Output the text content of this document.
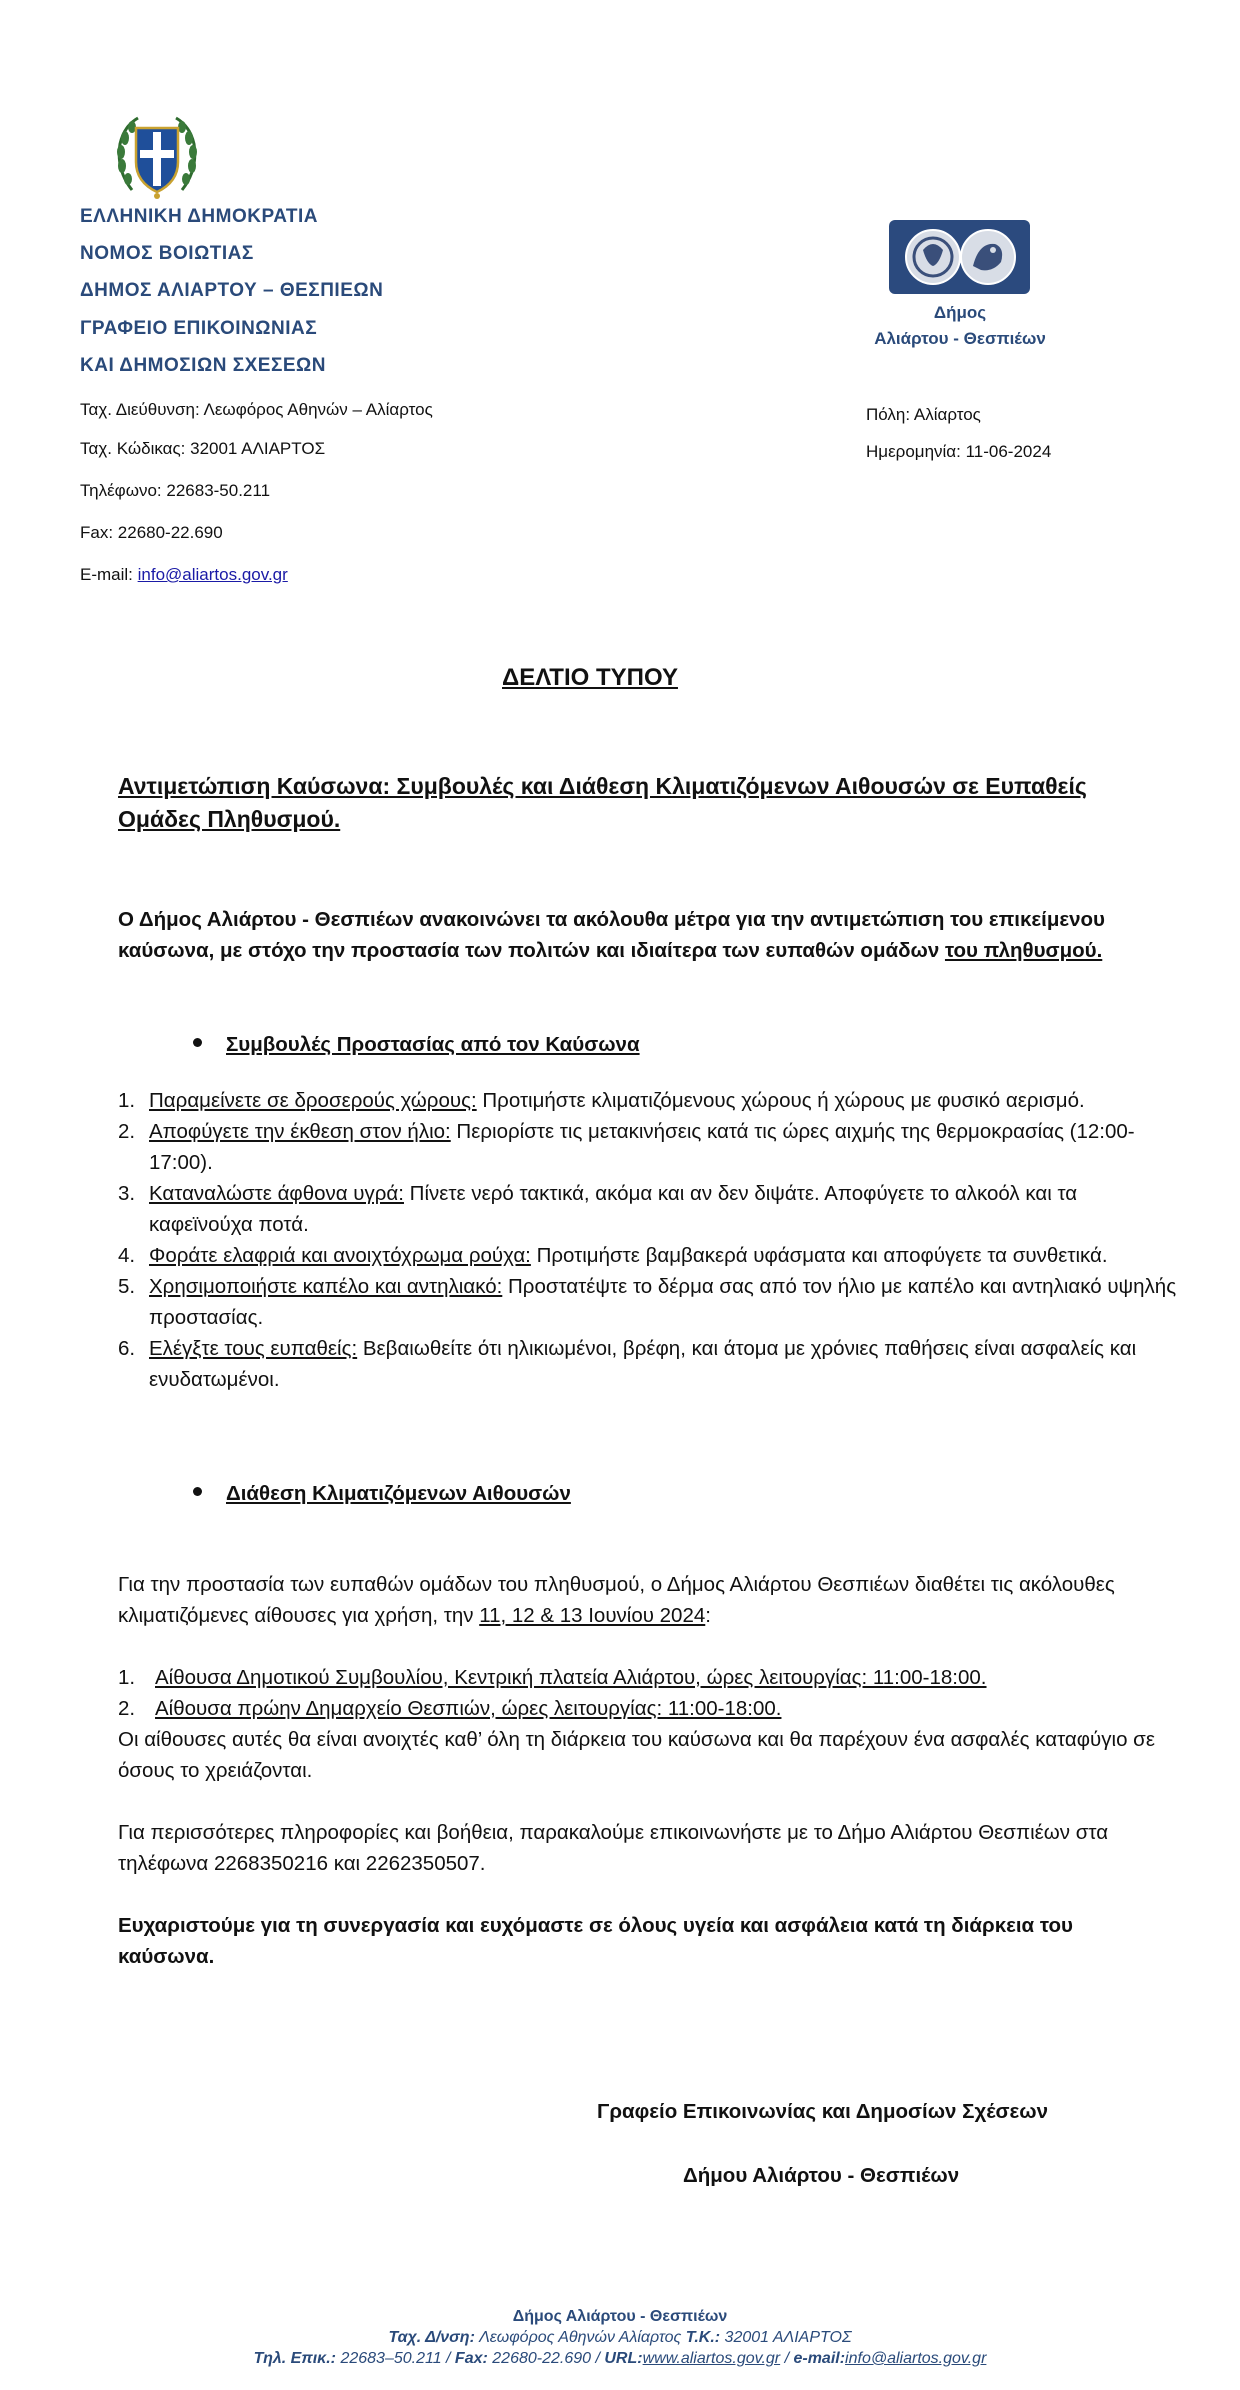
ΕΛΛΗΝΙΚΗ ΔΗΜΟΚΡΑΤΙΑ
ΝΟΜΟΣ ΒΟΙΩΤΙΑΣ
ΔΗΜΟΣ ΑΛΙΑΡΤΟΥ – ΘΕΣΠΙΕΩΝ
ΓΡΑΦΕΙΟ ΕΠΙΚΟΙΝΩΝΙΑΣ
ΚΑΙ ΔΗΜΟΣΙΩΝ ΣΧΕΣΕΩΝ
Ταχ. Διεύθυνση: Λεωφόρος Αθηνών – Αλίαρτος
Ταχ. Κώδικας: 32001 ΑΛΙΑΡΤΟΣ
Τηλέφωνο: 22683-50.211
Fax: 22680-22.690
E-mail: info@aliartos.gov.gr
Δήμος
Αλιάρτου - Θεσπιέων
Πόλη: Αλίαρτος
Ημερομηνία: 11-06-2024
ΔΕΛΤΙΟ ΤΥΠΟΥ
Αντιμετώπιση Καύσωνα: Συμβουλές και Διάθεση Κλιματιζόμενων Αιθουσών σε Ευπαθείς Ομάδες Πληθυσμού.
Ο Δήμος Αλιάρτου - Θεσπιέων ανακοινώνει τα ακόλουθα μέτρα για την αντιμετώπιση του επικείμενου καύσωνα, με στόχο την προστασία των πολιτών και ιδιαίτερα των ευπαθών ομάδων του πληθυσμού.
Συμβουλές Προστασίας από τον Καύσωνα
1. Παραμείνετε σε δροσερούς χώρους: Προτιμήστε κλιματιζόμενους χώρους ή χώρους με φυσικό αερισμό.
2. Αποφύγετε την έκθεση στον ήλιο: Περιορίστε τις μετακινήσεις κατά τις ώρες αιχμής της θερμοκρασίας (12:00-17:00).
3. Καταναλώστε άφθονα υγρά: Πίνετε νερό τακτικά, ακόμα και αν δεν διψάτε. Αποφύγετε το αλκοόλ και τα καφεϊνούχα ποτά.
4. Φοράτε ελαφριά και ανοιχτόχρωμα ρούχα: Προτιμήστε βαμβακερά υφάσματα και αποφύγετε τα συνθετικά.
5. Χρησιμοποιήστε καπέλο και αντηλιακό: Προστατέψτε το δέρμα σας από τον ήλιο με καπέλο και αντηλιακό υψηλής προστασίας.
6. Ελέγξτε τους ευπαθείς: Βεβαιωθείτε ότι ηλικιωμένοι, βρέφη, και άτομα με χρόνιες παθήσεις είναι ασφαλείς και ενυδατωμένοι.
Διάθεση Κλιματιζόμενων Αιθουσών
Για την προστασία των ευπαθών ομάδων του πληθυσμού, ο Δήμος Αλιάρτου Θεσπιέων διαθέτει τις ακόλουθες κλιματιζόμενες αίθουσες για χρήση, την 11, 12 & 13 Ιουνίου 2024:
1. Αίθουσα Δημοτικού Συμβουλίου, Κεντρική πλατεία Αλιάρτου, ώρες λειτουργίας: 11:00-18:00.
2. Αίθουσα πρώην Δημαρχείο Θεσπιών, ώρες λειτουργίας: 11:00-18:00.
Οι αίθουσες αυτές θα είναι ανοιχτές καθ’ όλη τη διάρκεια του καύσωνα και θα παρέχουν ένα ασφαλές καταφύγιο σε όσους το χρειάζονται.
Για περισσότερες πληροφορίες και βοήθεια, παρακαλούμε επικοινωνήστε με το Δήμο Αλιάρτου Θεσπιέων στα τηλέφωνα 2268350216 και 2262350507.
Ευχαριστούμε για τη συνεργασία και ευχόμαστε σε όλους υγεία και ασφάλεια κατά τη διάρκεια του καύσωνα.
Γραφείο Επικοινωνίας και Δημοσίων Σχέσεων
Δήμου Αλιάρτου - Θεσπιέων
Δήμος Αλιάρτου - Θεσπιέων
Ταχ. Δ/νση: Λεωφόρος Αθηνών Αλίαρτος Τ.Κ.: 32001 ΑΛΙΑΡΤΟΣ
Τηλ. Επικ.: 22683–50.211 / Fax: 22680-22.690 / URL:www.aliartos.gov.gr / e-mail:info@aliartos.gov.gr
